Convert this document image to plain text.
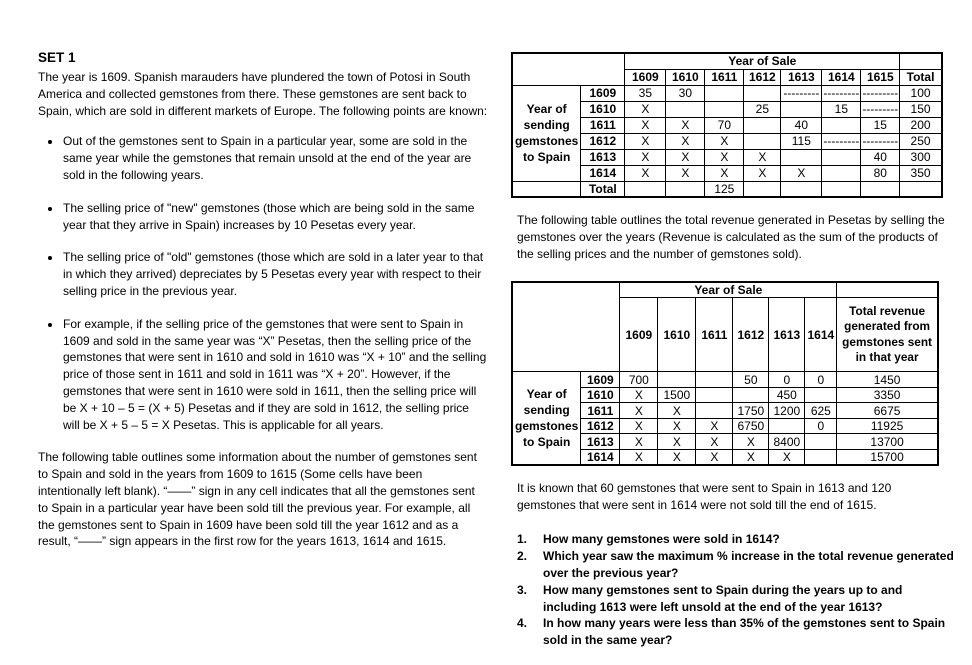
SET 1

The year is 1609. Spanish marauders have plundered the town of Potosi in South America and collected gemstones from there. These gemstones are sent back to Spain, which are sold in different markets of Europe. The following points are known:

• Out of the gemstones sent to Spain in a particular year, some are sold in the same year while the gemstones that remain unsold at the end of the year are sold in the following years.
• The selling price of "new" gemstones (those which are being sold in the same year that they arrive in Spain) increases by 10 Pesetas every year.
• The selling price of "old" gemstones (those which are sold in a later year to that in which they arrived) depreciates by 5 Pesetas every year with respect to their selling price in the previous year.
• For example, if the selling price of the gemstones that were sent to Spain in 1609 and sold in the same year was “X” Pesetas, then the selling price of the gemstones that were sent in 1610 and sold in 1610 was “X + 10” and the selling price of those sent in 1611 and sold in 1611 was “X + 20”. However, if the gemstones that were sent in 1610 were sold in 1611, then the selling price will be X + 10 – 5 = (X + 5) Pesetas and if they are sold in 1612, the selling price will be X + 5 – 5 = X Pesetas. This is applicable for all years.

The following table outlines some information about the number of gemstones sent to Spain and sold in the years from 1609 to 1615 (Some cells have been intentionally left blank). “——” sign in any cell indicates that all the gemstones sent to Spain in a particular year have been sold till the previous year. For example, all the gemstones sent to Spain in 1609 have been sold till the year 1612 and as a result, “——” sign appears in the first row for the years 1613, 1614 and 1615.

		Year of Sale							
		1609	1610	1611	1612	1613	1614	1615	Total
Year of sending gemstones to Spain	1609	35	30			---------	---------	---------	100
	1610	X			25		15	---------	150
	1611	X	X	70		40		15	200
	1612	X	X	X		115	---------	---------	250
	1613	X	X	X	X			40	300
	1614	X	X	X	X	X		80	350
	Total			125					

The following table outlines the total revenue generated in Pesetas by selling the gemstones over the years (Revenue is calculated as the sum of the products of the selling prices and the number of gemstones sold).

		Year of Sale						
		1609	1610	1611	1612	1613	1614	Total revenue generated from gemstones sent in that year
Year of sending gemstones to Spain	1609	700			50	0	0	1450
	1610	X	1500			450		3350
	1611	X	X		1750	1200	625	6675
	1612	X	X	X	6750		0	11925
	1613	X	X	X	X	8400		13700
	1614	X	X	X	X	X		15700

It is known that 60 gemstones that were sent to Spain in 1613 and 120 gemstones that were sent in 1614 were not sold till the end of 1615.

1.	How many gemstones were sold in 1614?
2.	Which year saw the maximum % increase in the total revenue generated over the previous year?
3.	How many gemstones sent to Spain during the years up to and including 1613 were left unsold at the end of the year 1613?
4.	In how many years were less than 35% of the gemstones sent to Spain sold in the same year?
